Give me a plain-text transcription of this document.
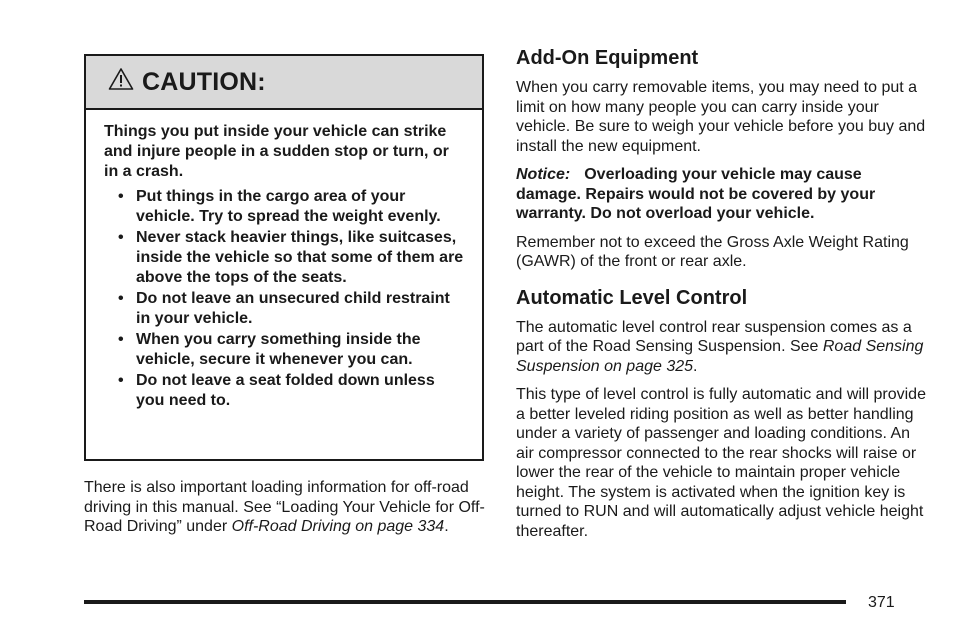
CAUTION:

Things you put inside your vehicle can strike and injure people in a sudden stop or turn, or in a crash.

• Put things in the cargo area of your vehicle. Try to spread the weight evenly.
• Never stack heavier things, like suitcases, inside the vehicle so that some of them are above the tops of the seats.
• Do not leave an unsecured child restraint in your vehicle.
• When you carry something inside the vehicle, secure it whenever you can.
• Do not leave a seat folded down unless you need to.
There is also important loading information for off-road driving in this manual. See “Loading Your Vehicle for Off-Road Driving” under Off-Road Driving on page 334.
Add-On Equipment

When you carry removable items, you may need to put a limit on how many people you can carry inside your vehicle. Be sure to weigh your vehicle before you buy and install the new equipment.

Notice: Overloading your vehicle may cause damage. Repairs would not be covered by your warranty. Do not overload your vehicle.

Remember not to exceed the Gross Axle Weight Rating (GAWR) of the front or rear axle.

Automatic Level Control

The automatic level control rear suspension comes as a part of the Road Sensing Suspension. See Road Sensing Suspension on page 325.

This type of level control is fully automatic and will provide a better leveled riding position as well as better handling under a variety of passenger and loading conditions. An air compressor connected to the rear shocks will raise or lower the rear of the vehicle to maintain proper vehicle height. The system is activated when the ignition key is turned to RUN and will automatically adjust vehicle height thereafter.

371
